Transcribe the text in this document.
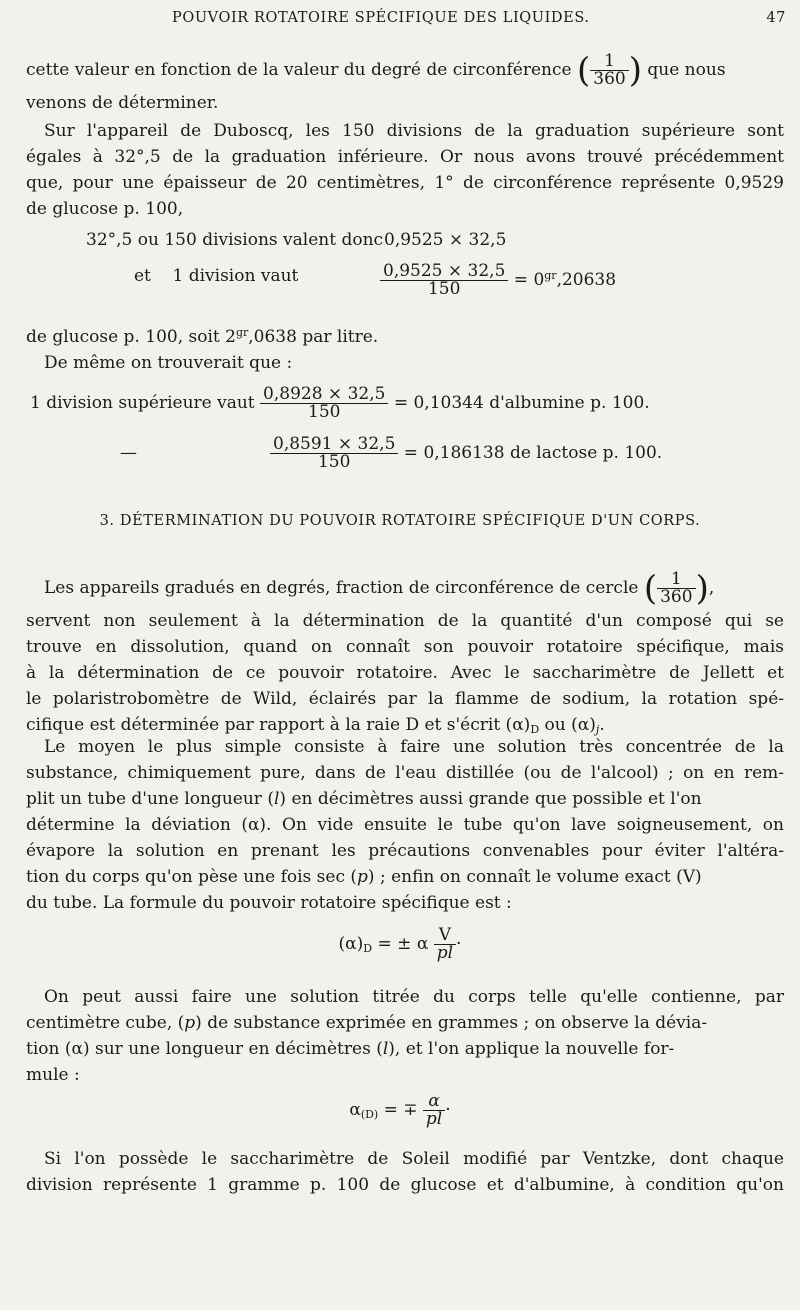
POUVOIR ROTATOIRE SPÉCIFIQUE DES LIQUIDES.	47
cette valeur en fonction de la valeur du degré de circonférence ( $\frac{1}{360}$ ) que nous
venons de déterminer.
Sur l'appareil de Duboscq, les 150 divisions de la graduation supérieure sont
égales à 32°,5 de la graduation inférieure. Or nous avons trouvé précédemment
que, pour une épaisseur de 20 centimètres, 1° de circonférence représente 0,9529
de glucose p. 100,
32°,5 ou 150 divisions valent donc 0,9525 × 32,5
et    1 division vaut	$\frac{0,9525 \times 32,5}{150} = 0^{gr},20638$
de glucose p. 100, soit $2^{gr},0638$ par litre.
De même on trouverait que :
1 division supérieure vaut $\frac{0,8928 \times 32,5}{150} = 0,10344$ d'albumine p. 100.
—	$\frac{0,8591 \times 32,5}{150} = 0,186138$ de lactose p. 100.
3. DÉTERMINATION DU POUVOIR ROTATOIRE SPÉCIFIQUE D'UN CORPS.
Les appareils gradués en degrés, fraction de circonférence de cercle ( $\frac{1}{360}$ ),
servent non seulement à la détermination de la quantité d'un composé qui se
trouve en dissolution, quand on connaît son pouvoir rotatoire spécifique, mais
à la détermination de ce pouvoir rotatoire. Avec le saccharimètre de Jellett et
le polaristrobomètre de Wild, éclairés par la flamme de sodium, la rotation spé-
cifique est déterminée par rapport à la raie D et s'écrit $(\alpha)_D$ ou $(\alpha)_j$.
Le moyen le plus simple consiste à faire une solution très concentrée de la
substance, chimiquement pure, dans de l'eau distillée (ou de l'alcool) ; on en rem-
plit un tube d'une longueur (l) en décimètres aussi grande que possible et l'on
détermine la déviation (α). On vide ensuite le tube qu'on lave soigneusement, on
évapore la solution en prenant les précautions convenables pour éviter l'altéra-
tion du corps qu'on pèse une fois sec (p) ; enfin on connaît le volume exact (V)
du tube. La formule du pouvoir rotatoire spécifique est :
$(\alpha)_D$ = ± α $\frac{V}{pl}$ ·
On peut aussi faire une solution titrée du corps telle qu'elle contienne, par
centimètre cube, (p) de substance exprimée en grammes ; on observe la dévia-
tion (α) sur une longueur en décimètres (l), et l'on applique la nouvelle for-
mule :
$\alpha_{(D)}$ = ∓ $\frac{\alpha}{pl}$ ·
Si l'on possède le saccharimètre de Soleil modifié par Ventzke, dont chaque
division représente 1 gramme p. 100 de glucose et d'albumine, à condition qu'on
